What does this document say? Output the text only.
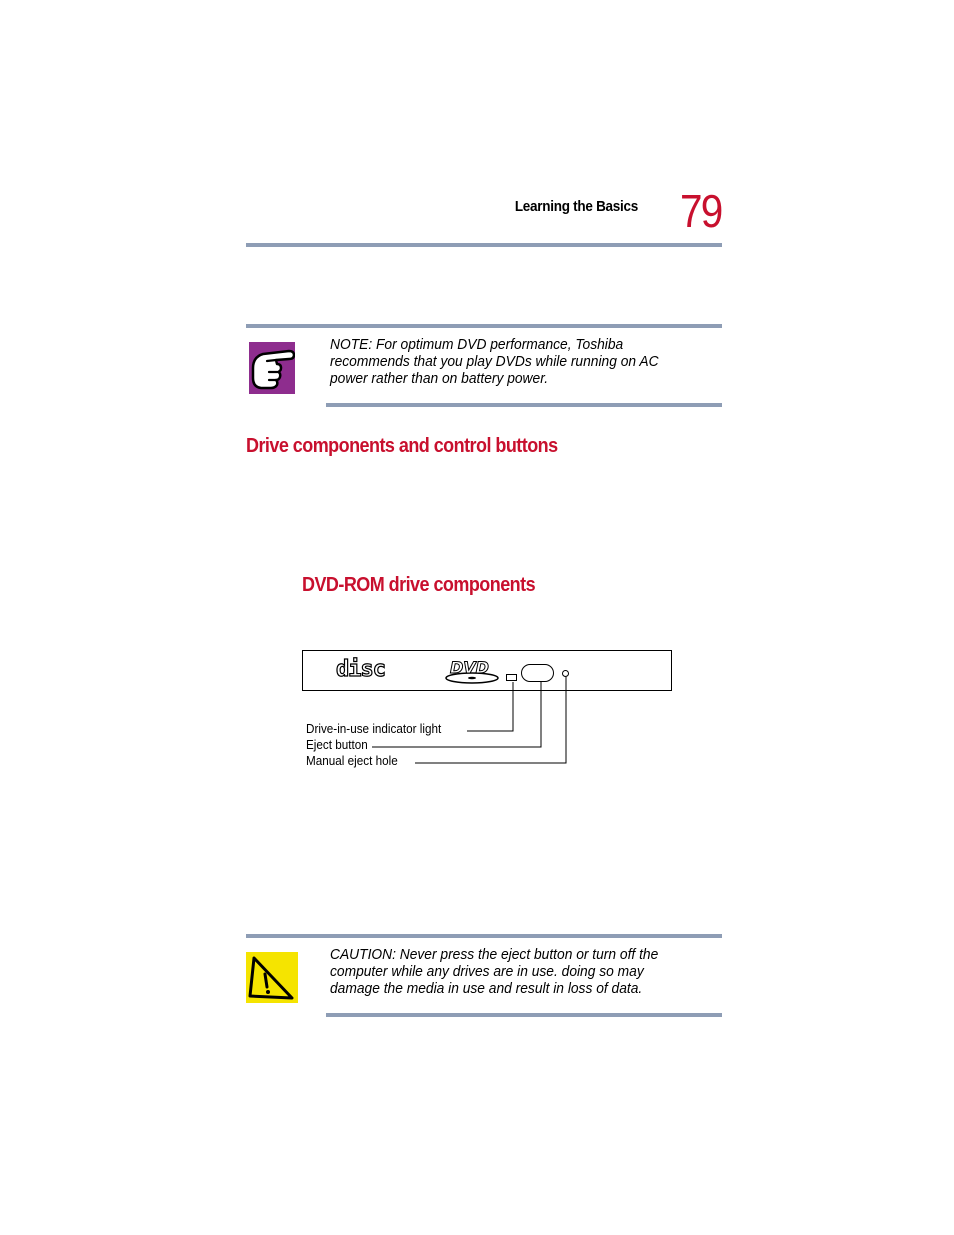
Learning the Basics 79
NOTE: For optimum DVD performance, Toshiba recommends that you play DVDs while running on AC power rather than on battery power.
Drive components and control buttons
DVD-ROM drive components
disc	DVD
Drive-in-use indicator light
Eject button
Manual eject hole
CAUTION: Never press the eject button or turn off the computer while any drives are in use. doing so may damage the media in use and result in loss of data.
